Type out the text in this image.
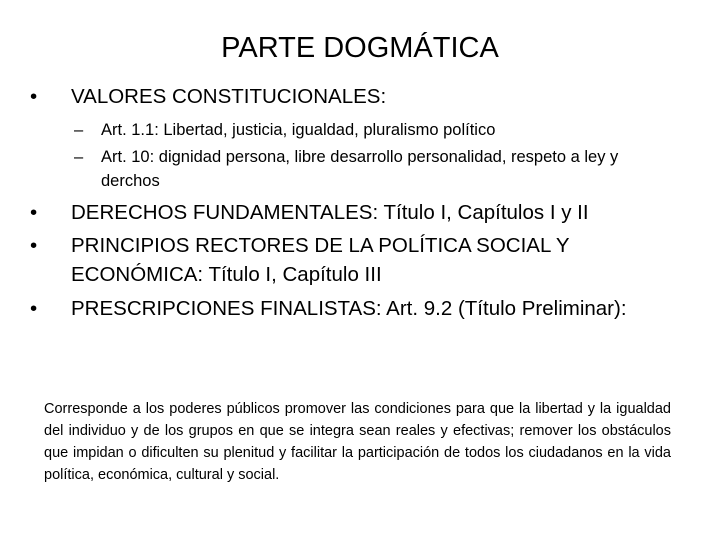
PARTE DOGMÁTICA
• VALORES CONSTITUCIONALES:
– Art. 1.1: Libertad, justicia, igualdad, pluralismo político
– Art. 10: dignidad persona, libre desarrollo personalidad, respeto a ley y derchos
• DERECHOS FUNDAMENTALES: Título I, Capítulos I y II
• PRINCIPIOS RECTORES DE LA POLÍTICA SOCIAL Y ECONÓMICA: Título I, Capítulo III
• PRESCRIPCIONES FINALISTAS: Art. 9.2 (Título Preliminar):
Corresponde a los poderes públicos promover las condiciones para que la libertad y la igualdad del individuo y de los grupos en que se integra sean reales y efectivas; remover los obstáculos que impidan o dificulten su plenitud y facilitar la participación de todos los ciudadanos en la vida política, económica, cultural y social.
